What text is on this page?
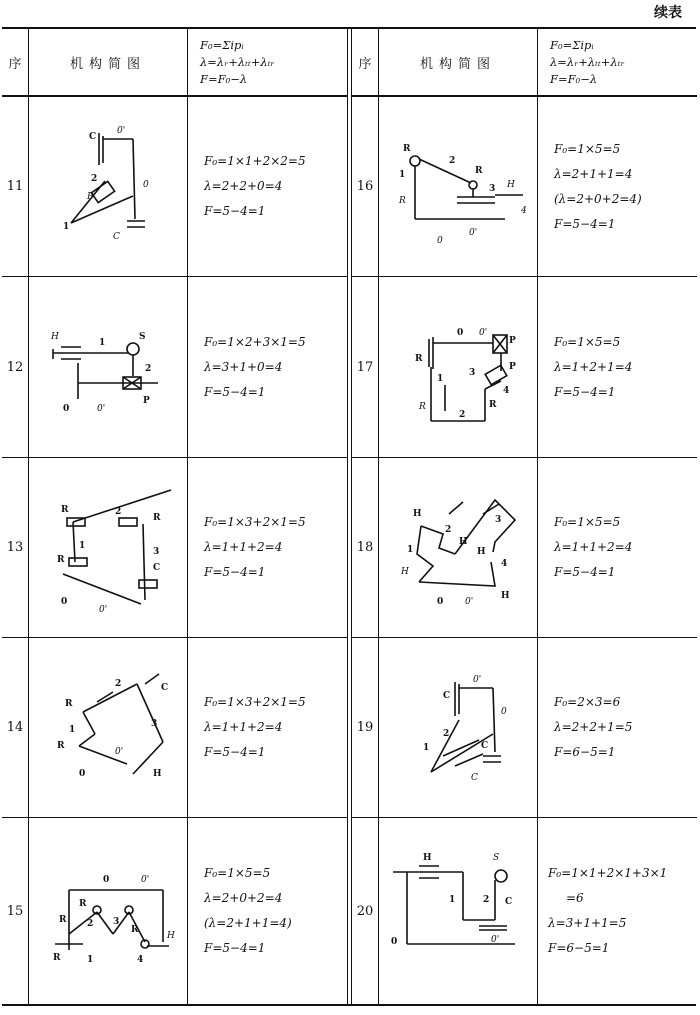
续表
序	机构简图
F₀=Σipᵢ
λ=λᵣ+λₜₜ+λₜᵣ
F=F₀−λ
11
C
0'
2
P
0
1
C
F₀=1×1+2×2=5
λ=2+2+0=4
F=5−4=1
12
H
1
S
2
0	0'
P
F₀=1×2+3×1=5
λ=3+1+0=4
F=5−4=1
13
R	2
R
1
R
3
C
0
0'
F₀=1×3+2×1=5
λ=1+1+2=4
F=5−4=1
14
R
2	C
3
1
R
0'
0	H
F₀=1×3+2×1=5
λ=1+1+2=4
F=5−4=1
15
0	0'
R
R 2 3
R
H
R	1	4
F₀=1×5=5
λ=2+0+2=4
(λ=2+1+1=4)
F=5−4=1
序	机构简图
F₀=Σipᵢ
λ=λᵣ+λₜₜ+λₜᵣ
F=F₀−λ
16
R
2
1	R
3 H
R
4
0'
0
F₀=1×5=5
λ=2+1+1=4
(λ=2+0+2=4)
F=5−4=1
17
0 0'
P
R
3
P
1
4
R
2
R
F₀=1×5=5
λ=1+2+1=4
F=5−4=1
18
H
2
3
H
H
1
4
H
0 0'
H
F₀=1×5=5
λ=1+1+2=4
F=5−4=1
19
0'
C
0
2
1	C
C
F₀=2×3=6
λ=2+2+1=5
F=6−5=1
20
H	S
1	2 C
0'
0
F₀=1×1+2×1+3×1
=6
λ=3+1+1=5
F=6−5=1
